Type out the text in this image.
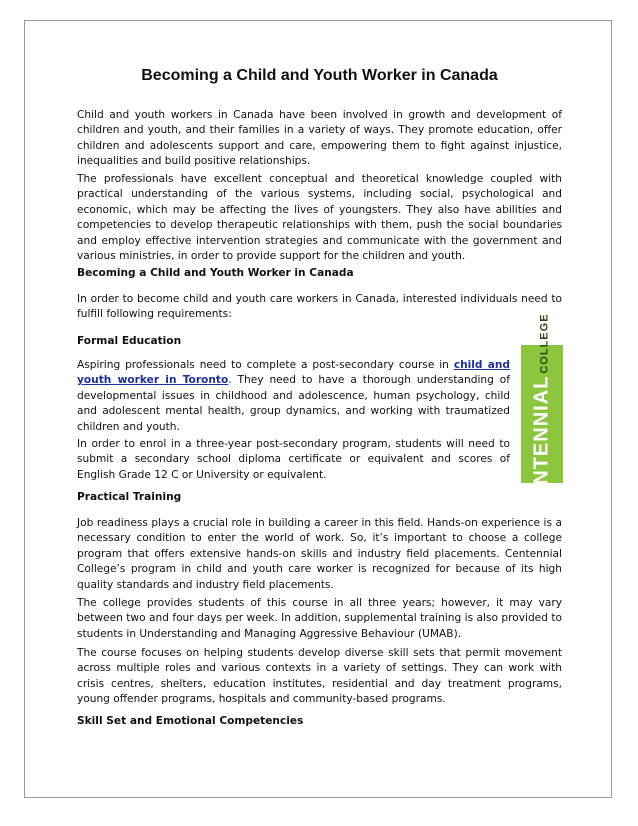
Becoming a Child and Youth Worker in Canada

Child and youth workers in Canada have been involved in growth and development of children and youth, and their families in a variety of ways. They promote education, offer children and adolescents support and care, empowering them to fight against injustice, inequalities and build positive relationships.

The professionals have excellent conceptual and theoretical knowledge coupled with practical understanding of the various systems, including social, psychological and economic, which may be affecting the lives of youngsters. They also have abilities and competencies to develop therapeutic relationships with them, push the social boundaries and employ effective intervention strategies and communicate with the government and various ministries, in order to provide support for the children and youth.

Becoming a Child and Youth Worker in Canada

In order to become child and youth care workers in Canada, interested individuals need to fulfill following requirements:

Formal Education

Aspiring professionals need to complete a post-secondary course in child and youth worker in Toronto. They need to have a thorough understanding of developmental issues in childhood and adolescence, human psychology, child and adolescent mental health, group dynamics, and working with traumatized children and youth.

In order to enrol in a three-year post-secondary program, students will need to submit a secondary school diploma certificate or equivalent and scores of English Grade 12 C or University or equivalent.

Practical Training

Job readiness plays a crucial role in building a career in this field. Hands-on experience is a necessary condition to enter the world of work. So, it’s important to choose a college program that offers extensive hands-on skills and industry field placements. Centennial College’s program in child and youth care worker is recognized for because of its high quality standards and industry field placements.

The college provides students of this course in all three years; however, it may vary between two and four days per week. In addition, supplemental training is also provided to students in Understanding and Managing Aggressive Behaviour (UMAB).

The course focuses on helping students develop diverse skill sets that permit movement across multiple roles and various contexts in a variety of settings. They can work with crisis centres, shelters, education institutes, residential and day treatment programs, young offender programs, hospitals and community-based programs.

Skill Set and Emotional Competencies
CENTENNIALCOLLEGE
